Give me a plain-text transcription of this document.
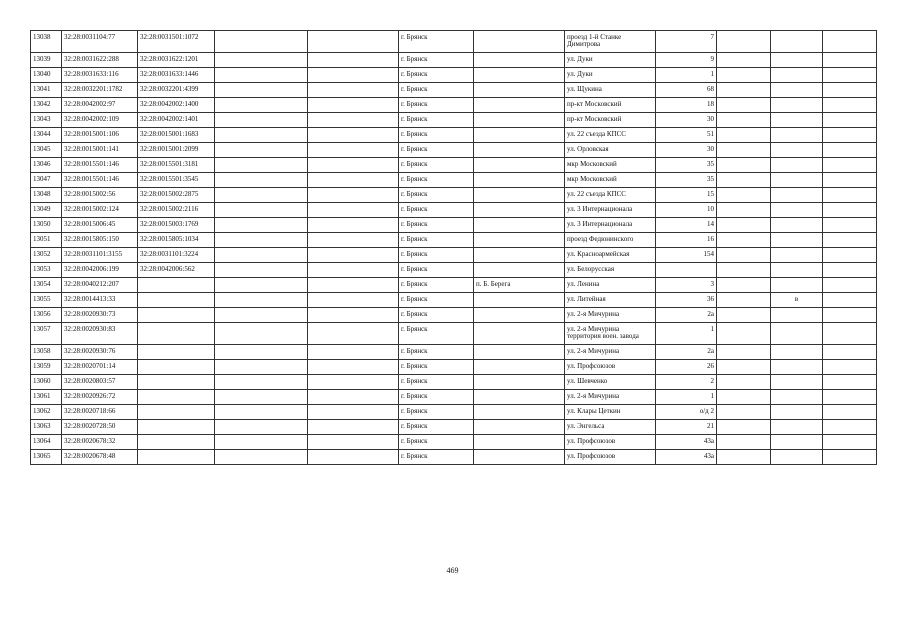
13038	32:28:0031104:77	32:28:0031501:1072			г. Брянск		проезд 1-й Станке Димитрова	7			
13039	32:28:0031622:288	32:28:0031622:1201			г. Брянск		ул. Дуки	9			
13040	32:28:0031633:116	32:28:0031633:1446			г. Брянск		ул. Дуки	1			
13041	32:28:0032201:1782	32:28:0032201:4399			г. Брянск		ул. Щукина	68			
13042	32:28:0042002:97	32:28:0042002:1400			г. Брянск		пр-кт Московский	18			
13043	32:28:0042002:109	32:28:0042002:1401			г. Брянск		пр-кт Московский	30			
13044	32:28:0015001:106	32:28:0015001:1683			г. Брянск		ул. 22 съезда КПСС	51			
13045	32:28:0015001:141	32:28:0015001:2099			г. Брянск		ул. Орловская	30			
13046	32:28:0015501:146	32:28:0015501:3181			г. Брянск		мкр Московский	35			
13047	32:28:0015501:146	32:28:0015501:3545			г. Брянск		мкр Московский	35			
13048	32:28:0015002:56	32:28:0015002:2875			г. Брянск		ул. 22 съезда КПСС	15			
13049	32:28:0015002:124	32:28:0015002:2116			г. Брянск		ул. 3 Интернационала	10			
13050	32:28:0015006:45	32:28:0015003:1769			г. Брянск		ул. 3 Интернационала	14			
13051	32:28:0015805:150	32:28:0015805:1034			г. Брянск		проезд Федюнинского	16			
13052	32:28:0031101:3155	32:28:0031101:3224			г. Брянск		ул. Красноармейская	154			
13053	32:28:0042006:199	32:28:0042006:562			г. Брянск		ул. Белорусская				
13054	32:28:0040212:207				г. Брянск	п. Б. Берега	ул. Ленина	3			
13055	32:28:0014413:33				г. Брянск		ул. Литейная	36		в	
13056	32:28:0020930:73				г. Брянск		ул. 2-я Мичурина	2а			
13057	32:28:0020930:83				г. Брянск		ул. 2-я Мичурина территория воен. завода	1			
13058	32:28:0020930:76				г. Брянск		ул. 2-я Мичурина	2а			
13059	32:28:0020701:14				г. Брянск		ул. Профсоюзов	26			
13060	32:28:0020803:57				г. Брянск		ул. Шевченко	2			
13061	32:28:0020926:72				г. Брянск		ул. 2-я Мичурина	1			
13062	32:28:0020718:66				г. Брянск		ул. Клары Цеткин	о/д 2			
13063	32:28:0020728:50				г. Брянск		ул. Энгельса	21			
13064	32:28:0020678:32				г. Брянск		ул. Профсоюзов	43а			
13065	32:28:0020678:48				г. Брянск		ул. Профсоюзов	43а			
469
